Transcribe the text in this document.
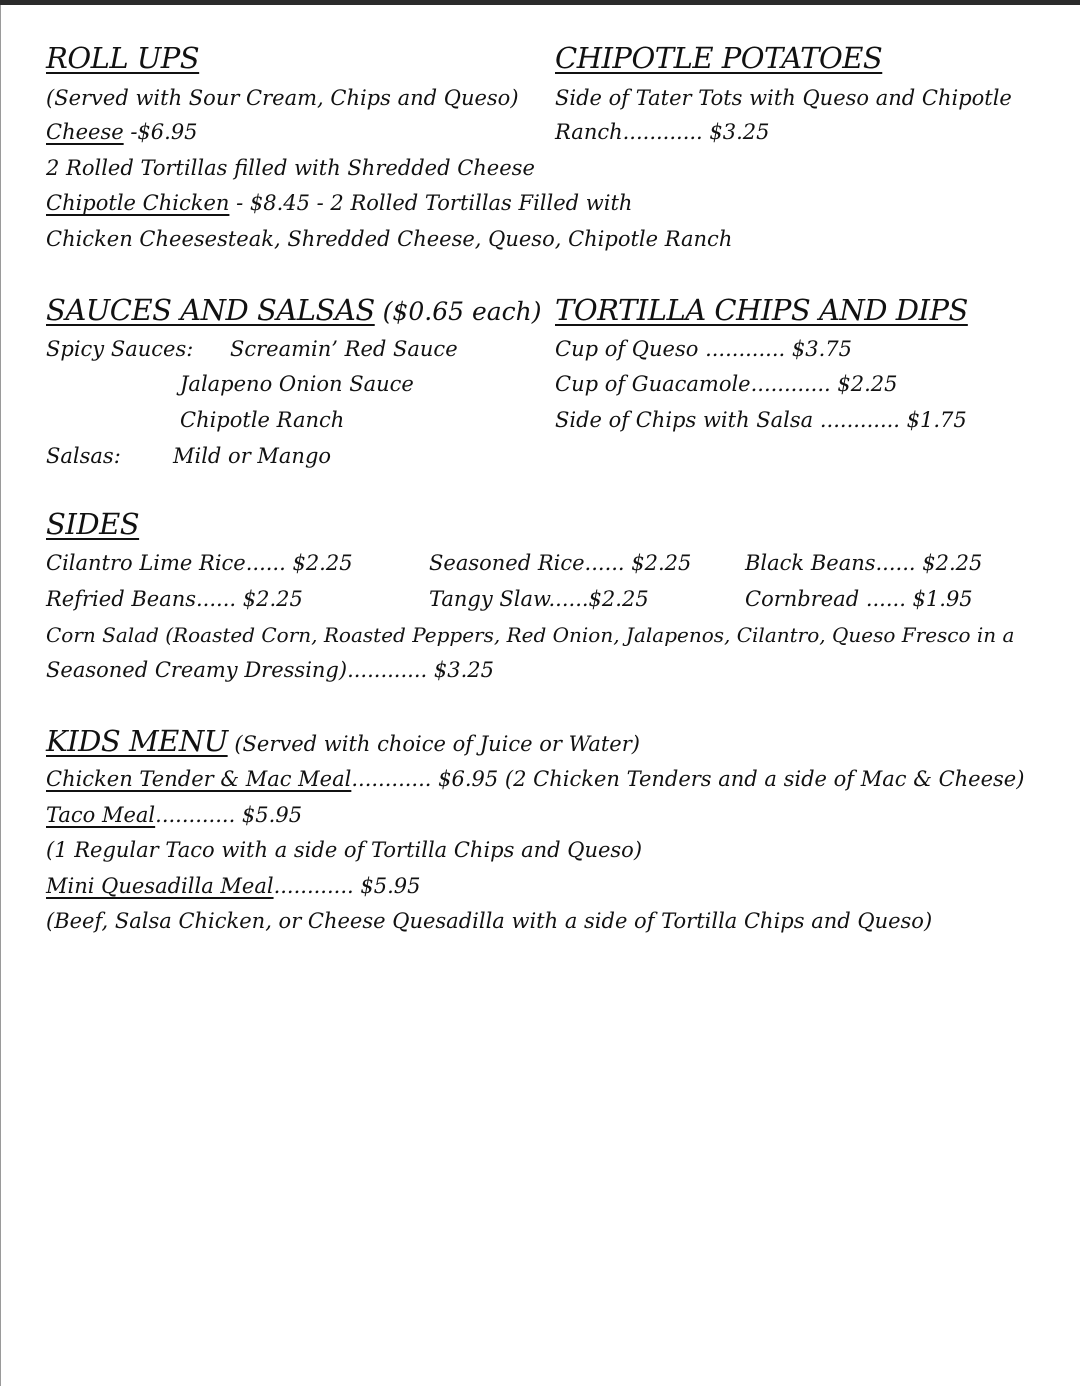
ROLL UPS
(Served with Sour Cream, Chips and Queso)
Cheese -$6.95
2 Rolled Tortillas filled with Shredded Cheese
Chipotle Chicken - $8.45 - 2 Rolled Tortillas Filled with
Chicken Cheesesteak, Shredded Cheese, Queso, Chipotle Ranch
CHIPOTLE POTATOES
Side of Tater Tots with Queso and Chipotle
Ranch............ $3.25
SAUCES AND SALSAS ($0.65 each)
Spicy Sauces: Screamin’ Red Sauce
Jalapeno Onion Sauce
Chipotle Ranch
Salsas: Mild or Mango
TORTILLA CHIPS AND DIPS
Cup of Queso ............ $3.75
Cup of Guacamole............ $2.25
Side of Chips with Salsa ............ $1.75
SIDES
Cilantro Lime Rice...... $2.25	Seasoned Rice...... $2.25	Black Beans...... $2.25
Refried Beans...... $2.25	Tangy Slaw......$2.25	Cornbread ...... $1.95
Corn Salad (Roasted Corn, Roasted Peppers, Red Onion, Jalapenos, Cilantro, Queso Fresco in a
Seasoned Creamy Dressing)............ $3.25
KIDS MENU (Served with choice of Juice or Water)
Chicken Tender & Mac Meal............ $6.95 (2 Chicken Tenders and a side of Mac & Cheese)
Taco Meal............ $5.95
(1 Regular Taco with a side of Tortilla Chips and Queso)
Mini Quesadilla Meal............ $5.95
(Beef, Salsa Chicken, or Cheese Quesadilla with a side of Tortilla Chips and Queso)
